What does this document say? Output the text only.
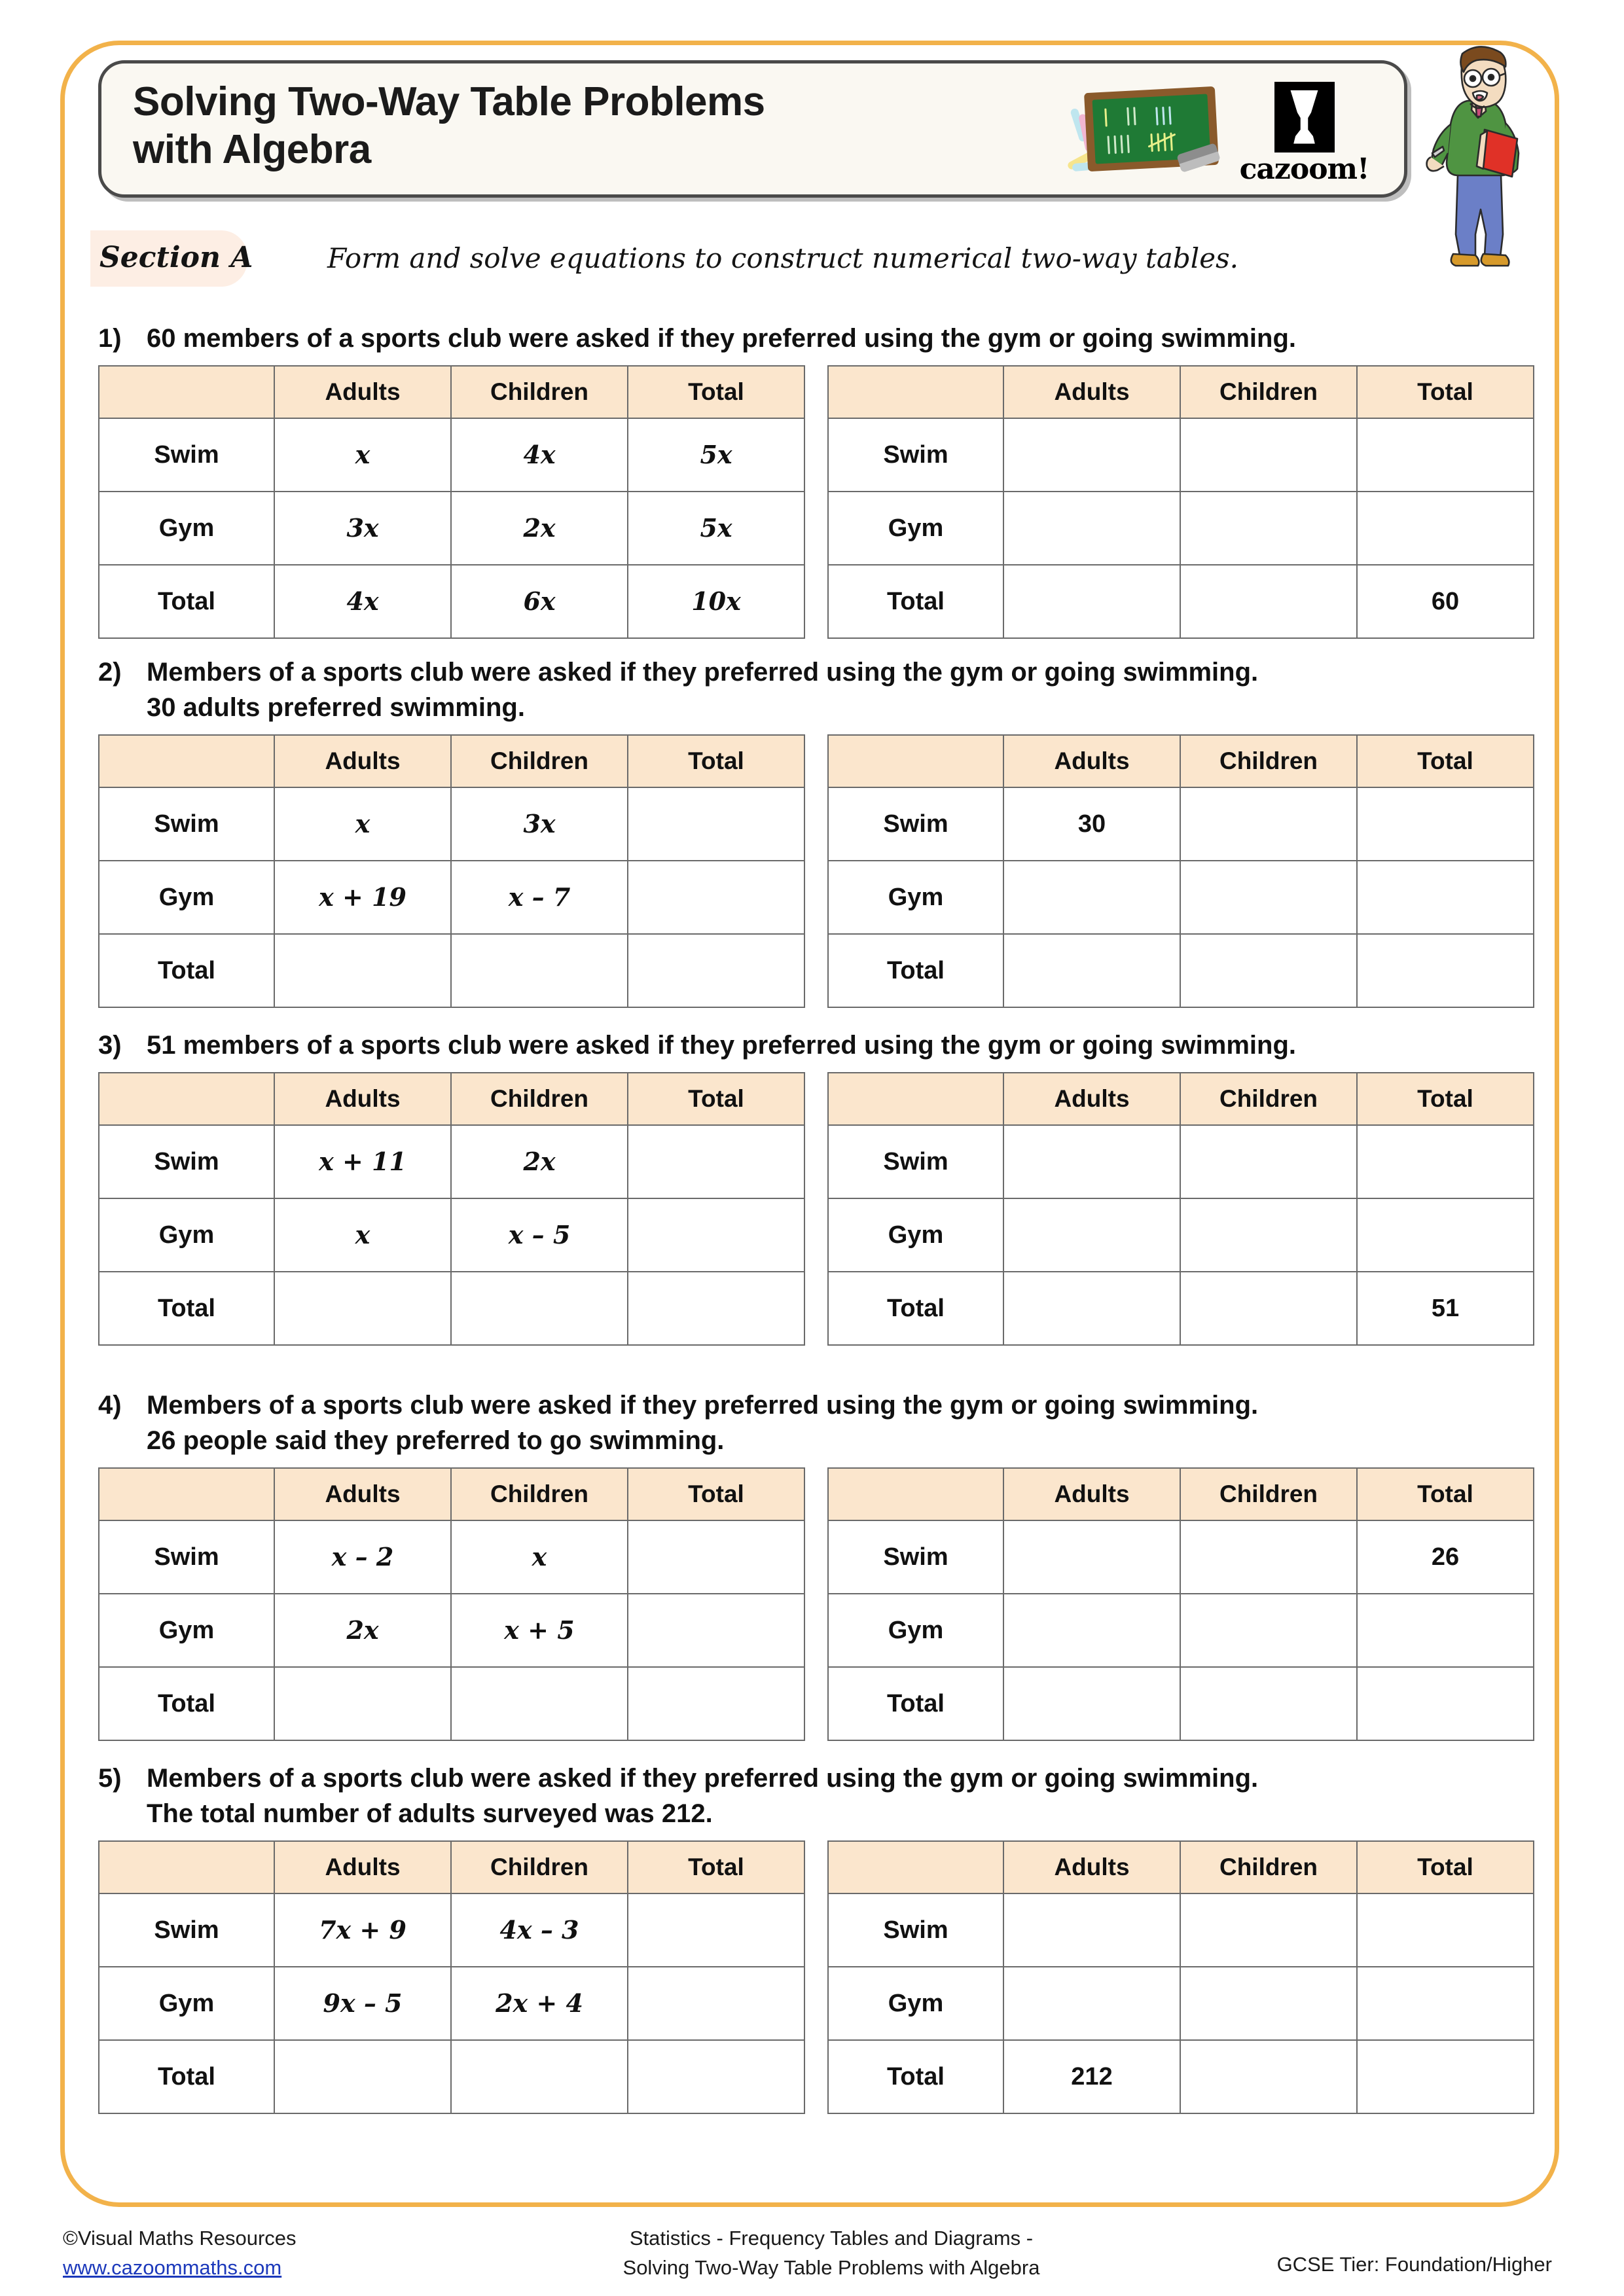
Solving Two-Way Table Problems
with Algebra	cazoom!
Section A	Form and solve equations to construct numerical two-way tables.
1) 60 members of a sports club were asked if they preferred using the gym or going swimming.
	Adults	Children	Total
Swim	x	4x	5x
Gym	3x	2x	5x
Total	4x	6x	10x
	Adults	Children	Total
Swim			
Gym			
Total			60
2) Members of a sports club were asked if they preferred using the gym or going swimming.
30 adults preferred swimming.
	Adults	Children	Total
Swim	x	3x	
Gym	x + 19	x – 7	
Total			
	Adults	Children	Total
Swim	30		
Gym			
Total			
3) 51 members of a sports club were asked if they preferred using the gym or going swimming.
	Adults	Children	Total
Swim	x + 11	2x	
Gym	x	x – 5	
Total			
	Adults	Children	Total
Swim			
Gym			
Total			51
4) Members of a sports club were asked if they preferred using the gym or going swimming.
26 people said they preferred to go swimming.
	Adults	Children	Total
Swim	x – 2	x	
Gym	2x	x + 5	
Total			
	Adults	Children	Total
Swim			26
Gym			
Total			
5) Members of a sports club were asked if they preferred using the gym or going swimming.
The total number of adults surveyed was 212.
	Adults	Children	Total
Swim	7x + 9	4x – 3	
Gym	9x – 5	2x + 4	
Total			
	Adults	Children	Total
Swim			
Gym			
Total	212		
©Visual Maths Resources
www.cazoommaths.com
Statistics - Frequency Tables and Diagrams -
Solving Two-Way Table Problems with Algebra	GCSE Tier: Foundation/Higher
